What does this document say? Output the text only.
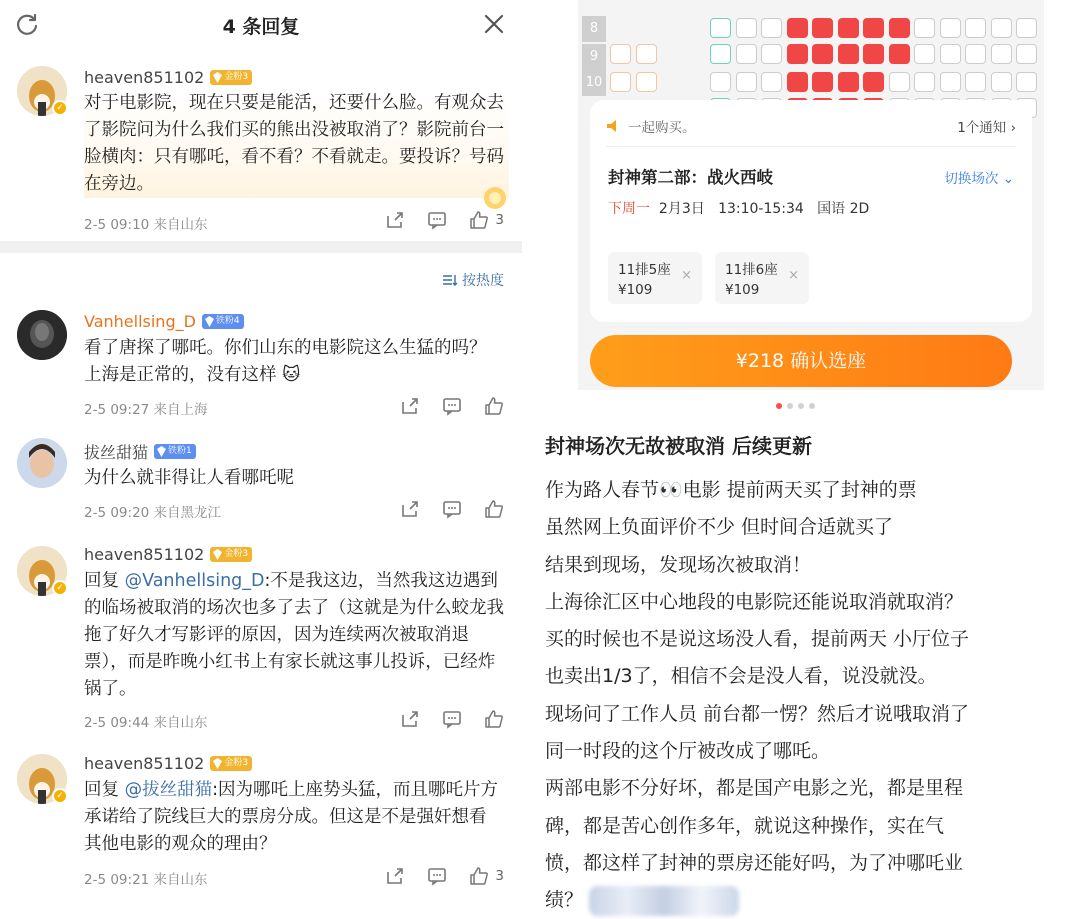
4 条回复
✓
heaven851102	金粉3
对于电影院，现在只要是能活，还要什么脸。有观众去了影院问为什么我们买的熊出没被取消了？影院前台一脸横肉：只有哪吒，看不看？不看就走。要投诉？号码在旁边。
2-5 09:10 来自山东	3
按热度
Vanhellsing_D	铁粉4
看了唐探了哪吒。你们山东的电影院这么生猛的吗？上海是正常的，没有这样 🐱
2-5 09:27 来自上海
拔丝甜猫	铁粉1
为什么就非得让人看哪吒呢
2-5 09:20 来自黑龙江
✓
heaven851102	金粉3
回复 @Vanhellsing_D:不是我这边，当然我这边遇到的临场被取消的场次也多了去了（这就是为什么蛟龙我拖了好久才写影评的原因，因为连续两次被取消退票），而是昨晚小红书上有家长就这事儿投诉，已经炸锅了。
2-5 09:44 来自山东
✓
heaven851102	金粉3
回复 @拔丝甜猫:因为哪吒上座势头猛，而且哪吒片方承诺给了院线巨大的票房分成。但这是不是强奸想看其他电影的观众的理由？
2-5 09:21 来自山东	3
8
9
10
一起购买。	1个通知 ›
封神第二部：战火西岐	切换场次 ⌄
下周一 2月3日   13:10-15:34   国语 2D
11排5座
¥109
× 11排6座
¥109
×
¥218 确认选座
封神场次无故被取消 后续更新
作为路人春节👀电影 提前两天买了封神的票
虽然网上负面评价不少 但时间合适就买了
结果到现场，发现场次被取消！
上海徐汇区中心地段的电影院还能说取消就取消？
买的时候也不是说这场没人看，提前两天 小厅位子
也卖出1/3了，相信不会是没人看，说没就没。
现场问了工作人员 前台都一愣？然后才说哦取消了
同一时段的这个厅被改成了哪吒。
两部电影不分好坏，都是国产电影之光，都是里程
碑，都是苦心创作多年，就说这种操作，实在气
愤，都这样了封神的票房还能好吗，为了冲哪吒业
绩？
